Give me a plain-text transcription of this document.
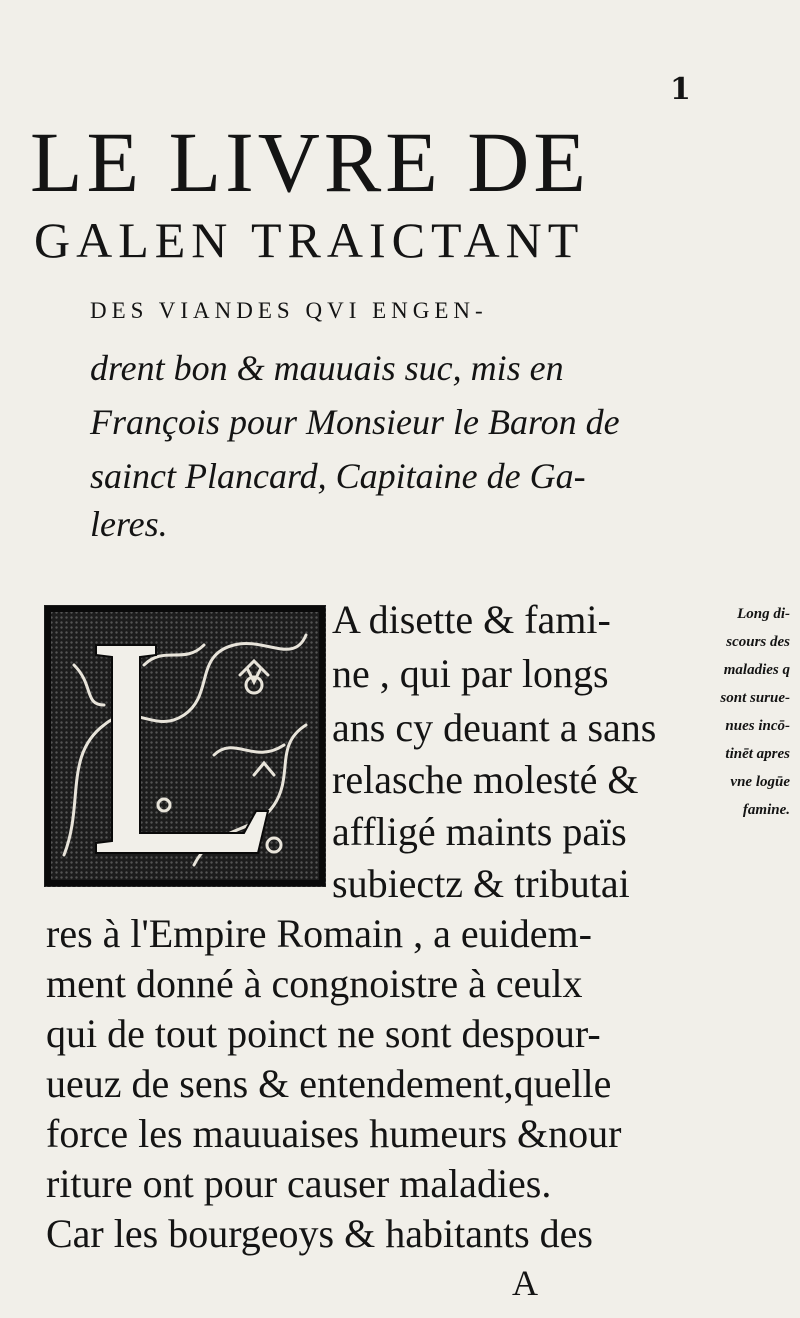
1
LE LIVRE DE
GALEN TRAICTANT
DES VIANDES QVI ENGEN-
drent bon & mauuais suc, mis en
François pour Monsieur le Baron de
sainct Plancard, Capitaine de Ga-
leres.
A disette & fami-
ne , qui par longs
ans cy deuant a sans
relasche molesté &
affligé maints païs
subiectz & tributai
res à l'Empire Romain , a euidem-
ment donné à congnoistre à ceulx
qui de tout poinct ne sont despour-
ueuz de sens & entendement,quelle
force les mauuaises humeurs &nour
riture ont pour causer maladies.
Car les bourgeoys & habitants des
Long di-
scours des
maladies q
sont surue-
nues incō-
tinēt apres
vne logūe
famine.
A
